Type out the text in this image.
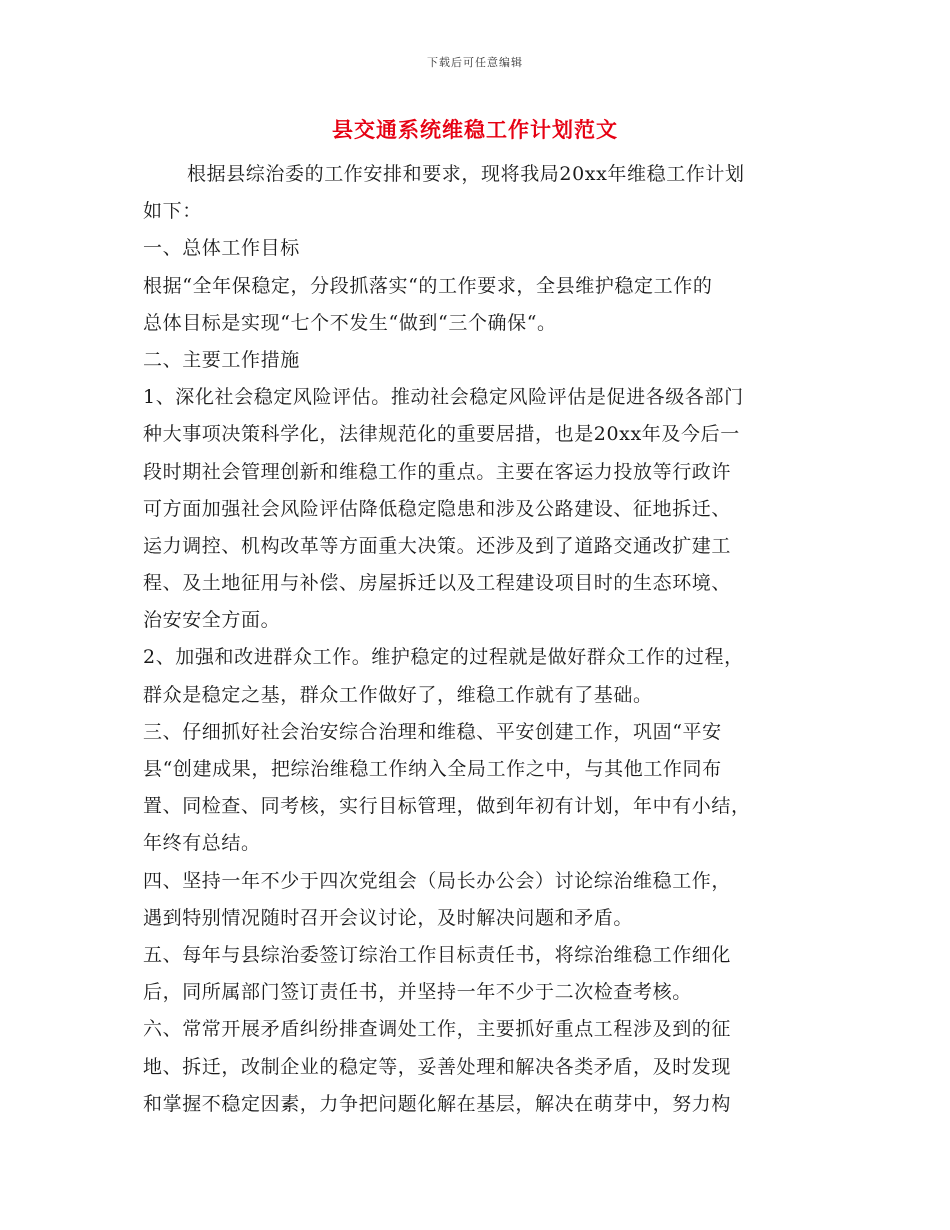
下载后可任意编辑
县交通系统维稳工作计划范文
根据县综治委的工作安排和要求，现将我局20xx年维稳工作计划
如下：
一、总体工作目标
根据“全年保稳定，分段抓落实“的工作要求，全县维护稳定工作的
总体目标是实现“七个不发生“做到“三个确保“。
二、主要工作措施
1、深化社会稳定风险评估。推动社会稳定风险评估是促进各级各部门
种大事项决策科学化，法律规范化的重要居措，也是20xx年及今后一
段时期社会管理创新和维稳工作的重点。主要在客运力投放等行政许
可方面加强社会风险评估降低稳定隐患和涉及公路建设、征地拆迁、
运力调控、机构改革等方面重大决策。还涉及到了道路交通改扩建工
程、及土地征用与补偿、房屋拆迁以及工程建设项目时的生态环境、
治安安全方面。
2、加强和改进群众工作。维护稳定的过程就是做好群众工作的过程，
群众是稳定之基，群众工作做好了，维稳工作就有了基础。
三、仔细抓好社会治安综合治理和维稳、平安创建工作，巩固“平安
县“创建成果，把综治维稳工作纳入全局工作之中，与其他工作同布
置、同检查、同考核，实行目标管理，做到年初有计划，年中有小结，
年终有总结。
四、坚持一年不少于四次党组会（局长办公会）讨论综治维稳工作，
遇到特别情况随时召开会议讨论，及时解决问题和矛盾。
五、每年与县综治委签订综治工作目标责任书，将综治维稳工作细化
后，同所属部门签订责任书，并坚持一年不少于二次检查考核。
六、常常开展矛盾纠纷排查调处工作，主要抓好重点工程涉及到的征
地、拆迁，改制企业的稳定等，妥善处理和解决各类矛盾，及时发现
和掌握不稳定因素，力争把问题化解在基层，解决在萌芽中，努力构
